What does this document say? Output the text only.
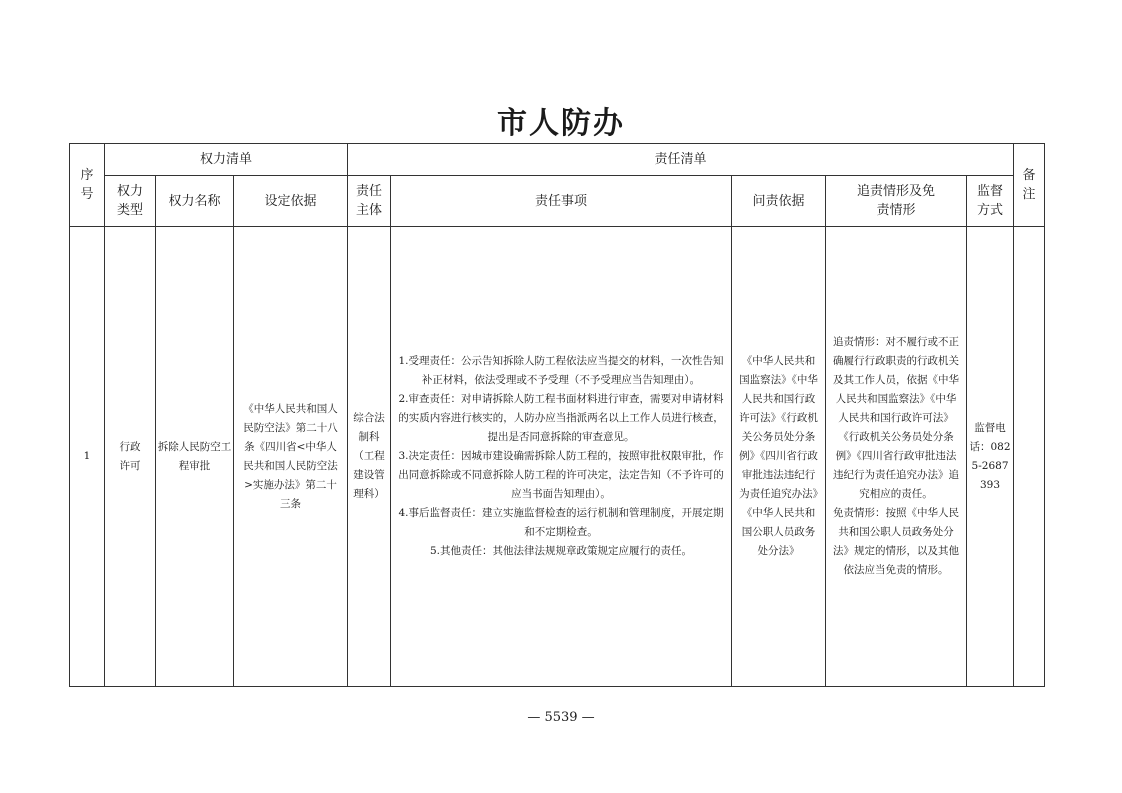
市人防办
序号	权力清单			责任清单					备注
	权力类型	权力名称	设定依据	责任主体	责任事项	问责依据	追责情形及免责情形	监督方式	
1	行政许可	拆除人民防空工程审批	《中华人民共和国人民防空法》第二十八条《四川省<中华人民共和国人民防空法>实施办法》第二十三条	综合法制科（工程建设管理科）	1.受理责任：公示告知拆除人防工程依法应当提交的材料，一次性告知补正材料，依法受理或不予受理（不予受理应当告知理由）。
2.审查责任：对申请拆除人防工程书面材料进行审查，需要对申请材料的实质内容进行核实的，人防办应当指派两名以上工作人员进行核查，提出是否同意拆除的审查意见。
3.决定责任：因城市建设确需拆除人防工程的，按照审批权限审批，作出同意拆除或不同意拆除人防工程的许可决定，法定告知（不予许可的应当书面告知理由）。
4.事后监督责任：建立实施监督检查的运行机制和管理制度，开展定期和不定期检查。
5.其他责任：其他法律法规规章政策规定应履行的责任。	《中华人民共和国监察法》《中华人民共和国行政许可法》《行政机关公务员处分条例》《四川省行政审批违法违纪行为责任追究办法》《中华人民共和国公职人员政务处分法》	追责情形：对不履行或不正确履行行政职责的行政机关及其工作人员，依据《中华人民共和国监察法》《中华人民共和国行政许可法》《行政机关公务员处分条例》《四川省行政审批违法违纪行为责任追究办法》追究相应的责任。
免责情形：按照《中华人民共和国公职人员政务处分法》规定的情形，以及其他依法应当免责的情形。	监督电话：0825-2687393	
— 5539 —
